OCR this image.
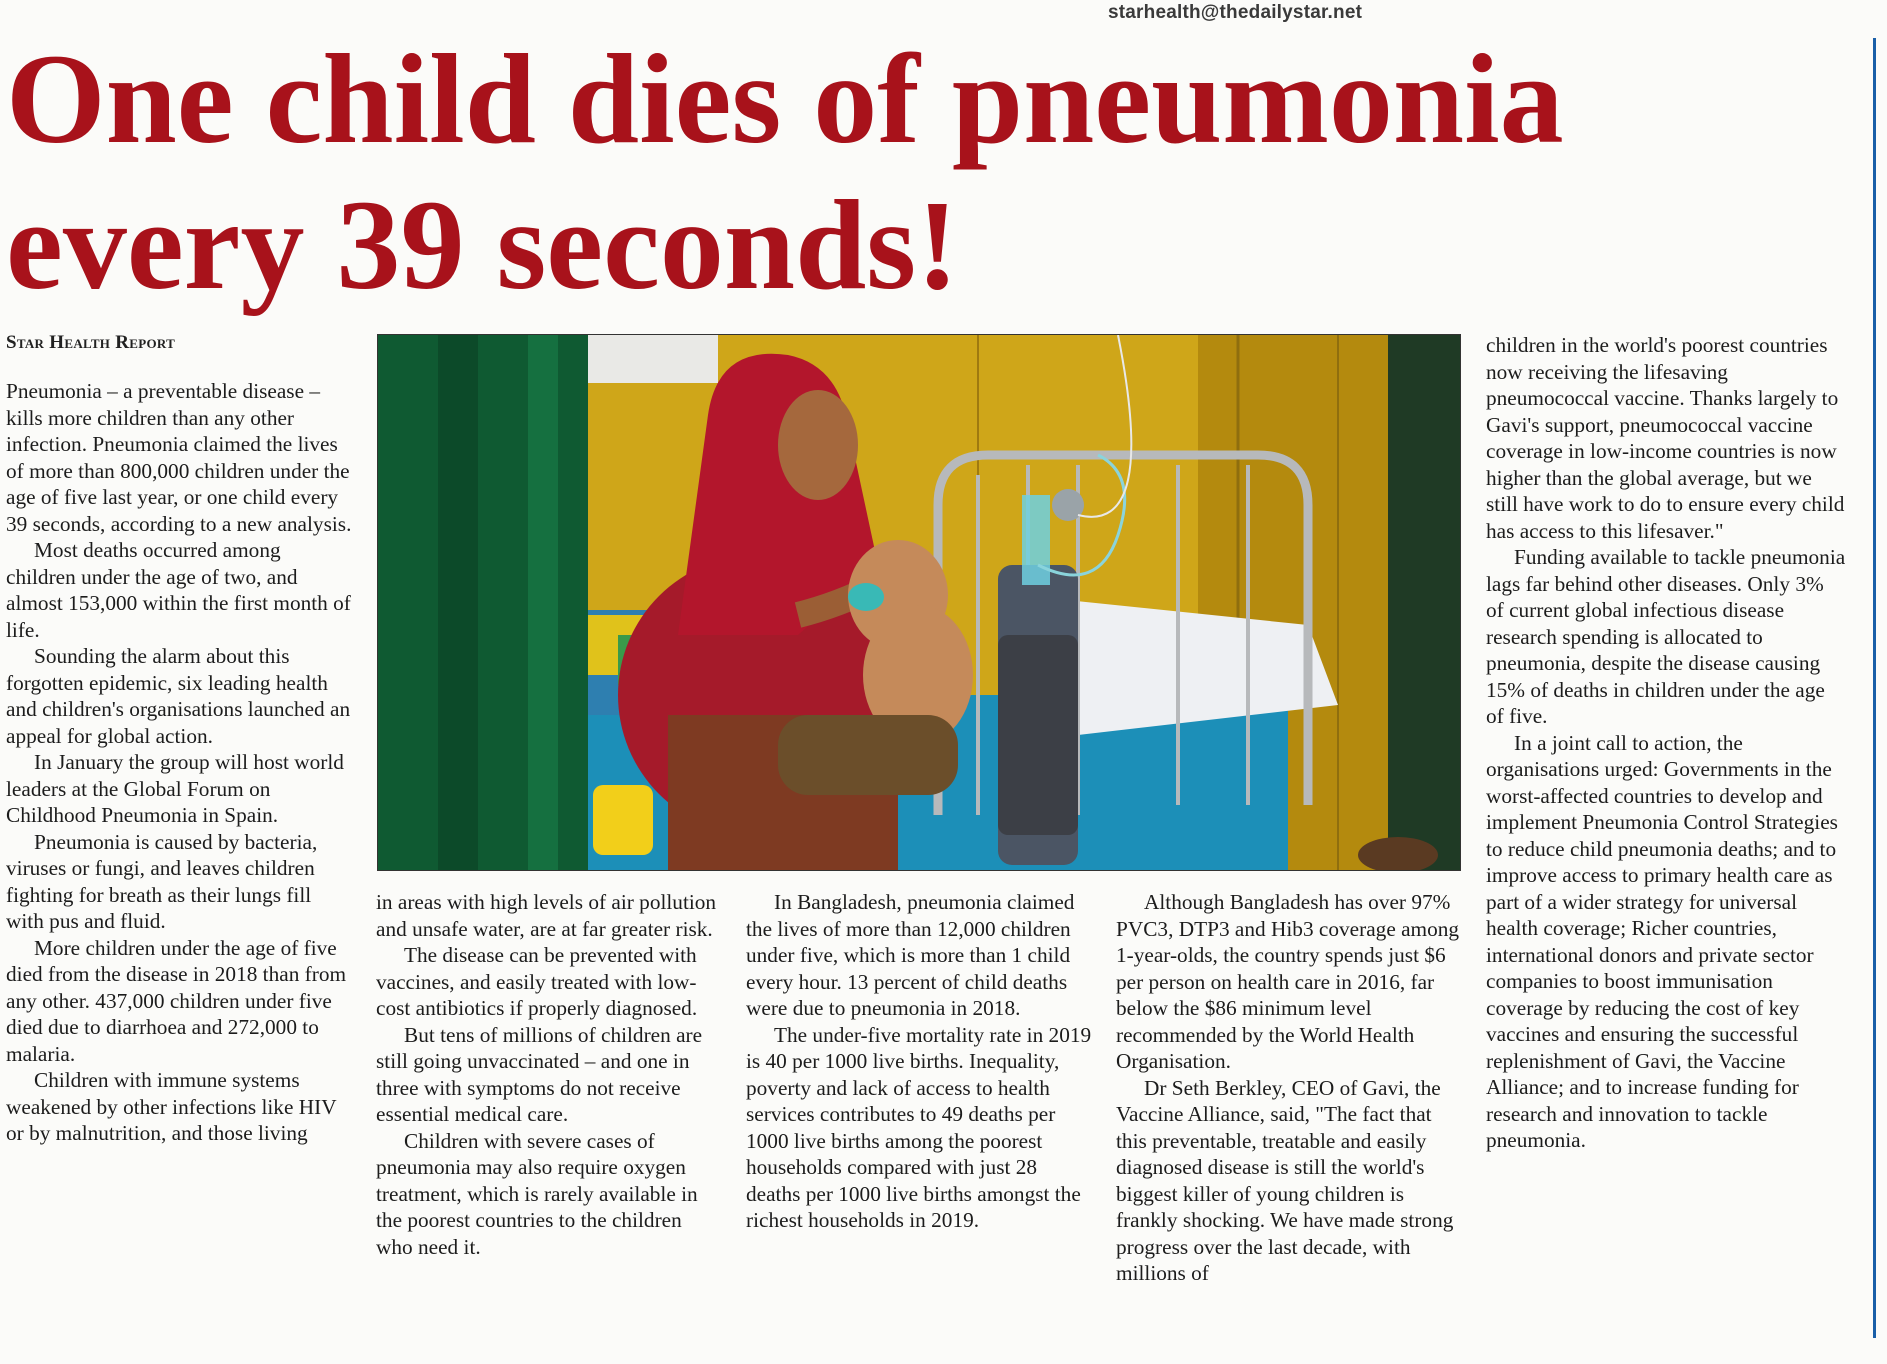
starhealth@thedailystar.net
One child dies of pneumonia
every 39 seconds!
Star Health Report

Pneumonia – a preventable disease – kills more children than any other infection. Pneumonia claimed the lives of more than 800,000 children under the age of five last year, or one child every 39 seconds, according to a new analysis.

Most deaths occurred among children under the age of two, and almost 153,000 within the first month of life.

Sounding the alarm about this forgotten epidemic, six leading health and children's organisations launched an appeal for global action.

In January the group will host world leaders at the Global Forum on Childhood Pneumonia in Spain.

Pneumonia is caused by bacteria, viruses or fungi, and leaves children fighting for breath as their lungs fill with pus and fluid.

More children under the age of five died from the disease in 2018 than from any other. 437,000 children under five died due to diarrhoea and 272,000 to malaria.

Children with immune systems weakened by other infections like HIV or by malnutrition, and those living

in areas with high levels of air pollution and unsafe water, are at far greater risk.

The disease can be prevented with vaccines, and easily treated with low-cost antibiotics if properly diagnosed.

But tens of millions of children are still going unvaccinated – and one in three with symptoms do not receive essential medical care.

Children with severe cases of pneumonia may also require oxygen treatment, which is rarely available in the poorest countries to the children who need it.

In Bangladesh, pneumonia claimed the lives of more than 12,000 children under five, which is more than 1 child every hour. 13 percent of child deaths were due to pneumonia in 2018.

The under-five mortality rate in 2019 is 40 per 1000 live births. Inequality, poverty and lack of access to health services contributes to 49 deaths per 1000 live births among the poorest households compared with just 28 deaths per 1000 live births amongst the richest households in 2019.

Although Bangladesh has over 97% PVC3, DTP3 and Hib3 coverage among 1-year-olds, the country spends just $6 per person on health care in 2016, far below the $86 minimum level recommended by the World Health Organisation.

Dr Seth Berkley, CEO of Gavi, the Vaccine Alliance, said, "The fact that this preventable, treatable and easily diagnosed disease is still the world's biggest killer of young children is frankly shocking. We have made strong progress over the last decade, with millions of

children in the world's poorest countries now receiving the lifesaving pneumococcal vaccine. Thanks largely to Gavi's support, pneumococcal vaccine coverage in low-income countries is now higher than the global average, but we still have work to do to ensure every child has access to this lifesaver."

Funding available to tackle pneumonia lags far behind other diseases. Only 3% of current global infectious disease research spending is allocated to pneumonia, despite the disease causing 15% of deaths in children under the age of five.

In a joint call to action, the organisations urged: Governments in the worst-affected countries to develop and implement Pneumonia Control Strategies to reduce child pneumonia deaths; and to improve access to primary health care as part of a wider strategy for universal health coverage; Richer countries, international donors and private sector companies to boost immunisation coverage by reducing the cost of key vaccines and ensuring the successful replenishment of Gavi, the Vaccine Alliance; and to increase funding for research and innovation to tackle pneumonia.
